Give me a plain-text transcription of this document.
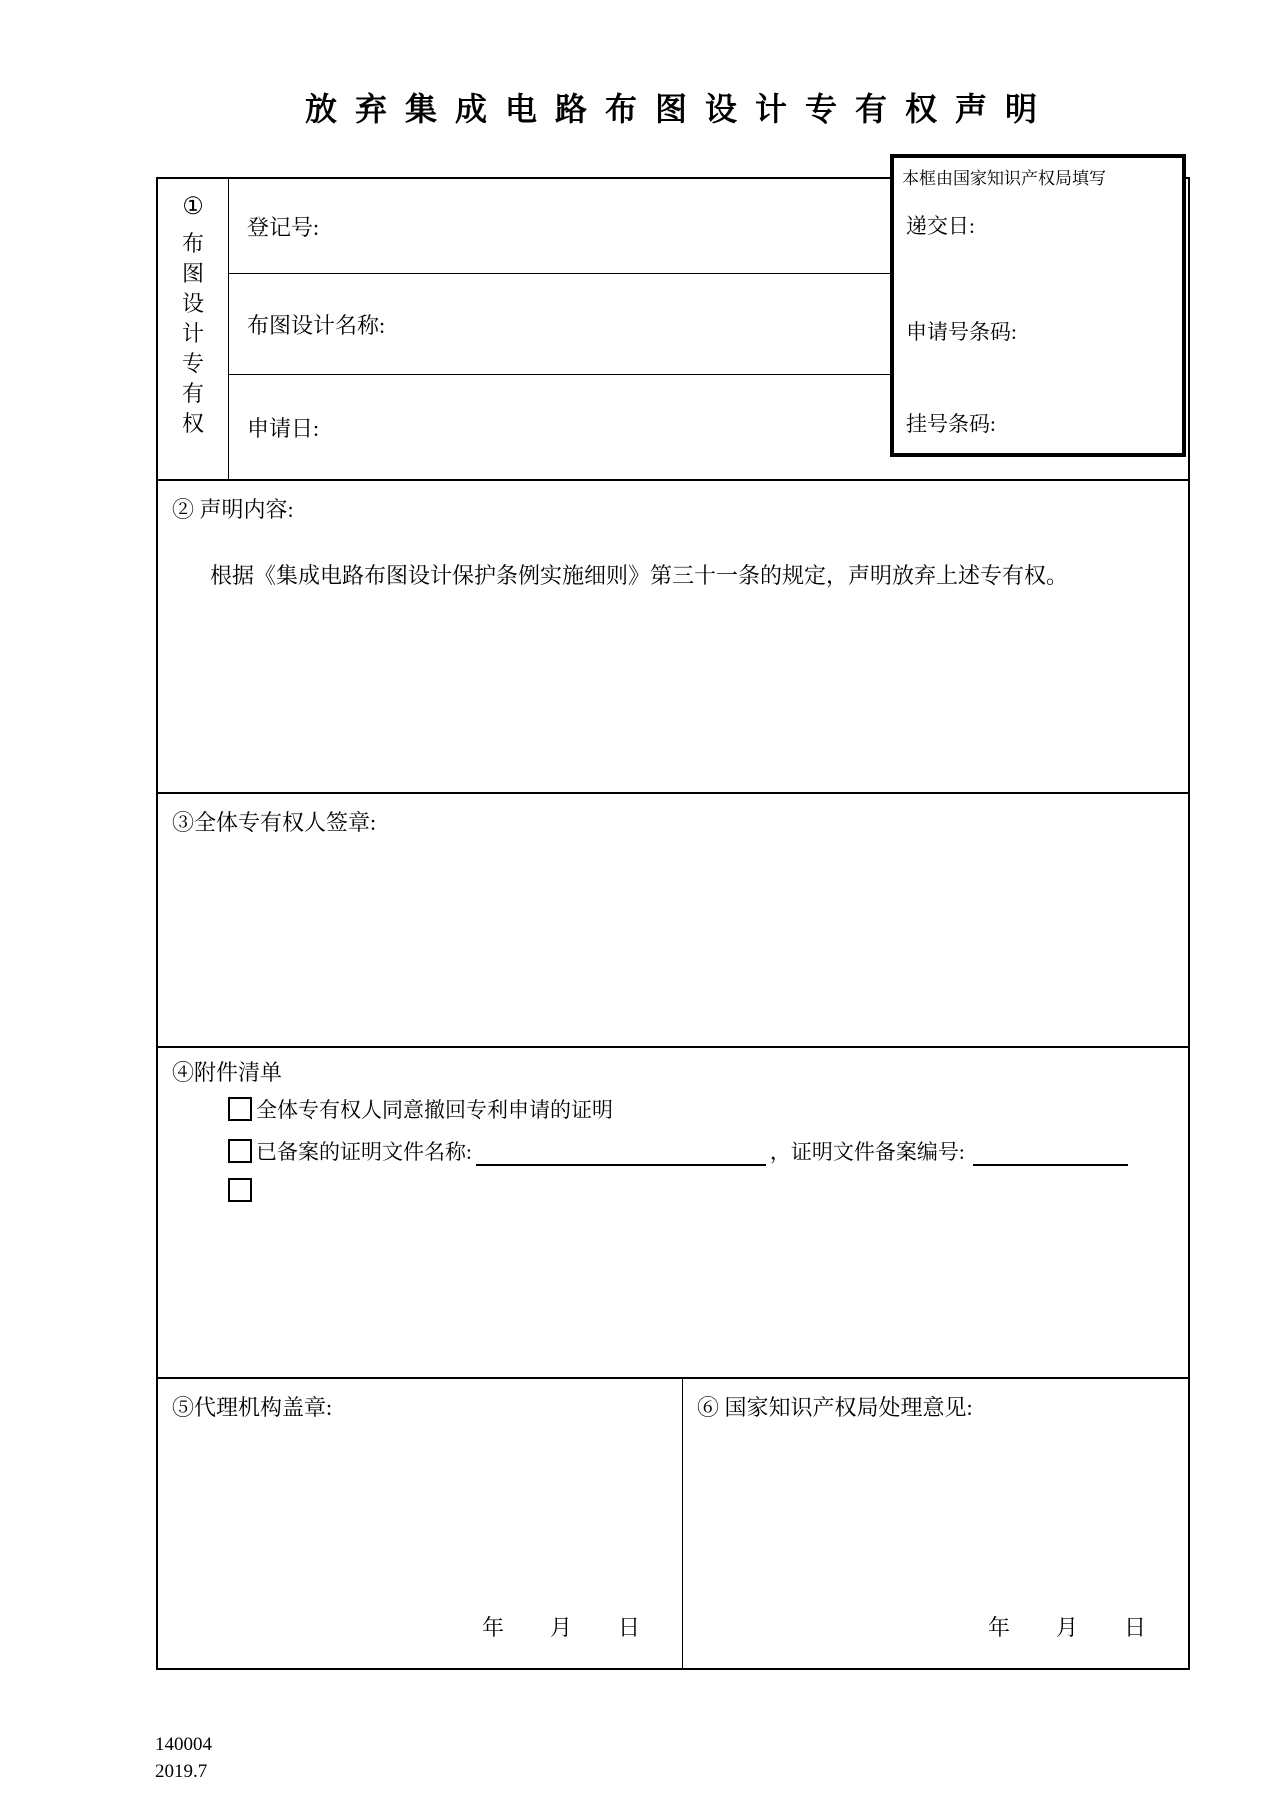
放弃集成电路布图设计专有权声明
①
布
图
设
计
专
有
权
登记号:
布图设计名称:
申请日:
② 声明内容:
根据《集成电路布图设计保护条例实施细则》第三十一条的规定，声明放弃上述专有权。
③全体专有权人签章:
④附件清单
全体专有权人同意撤回专利申请的证明
已备案的证明文件名称:	，证明文件备案编号:
⑤代理机构盖章:
年 月 日
⑥ 国家知识产权局处理意见:
年 月 日
本框由国家知识产权局填写
递交日:
申请号条码:
挂号条码:
140004
2019.7
